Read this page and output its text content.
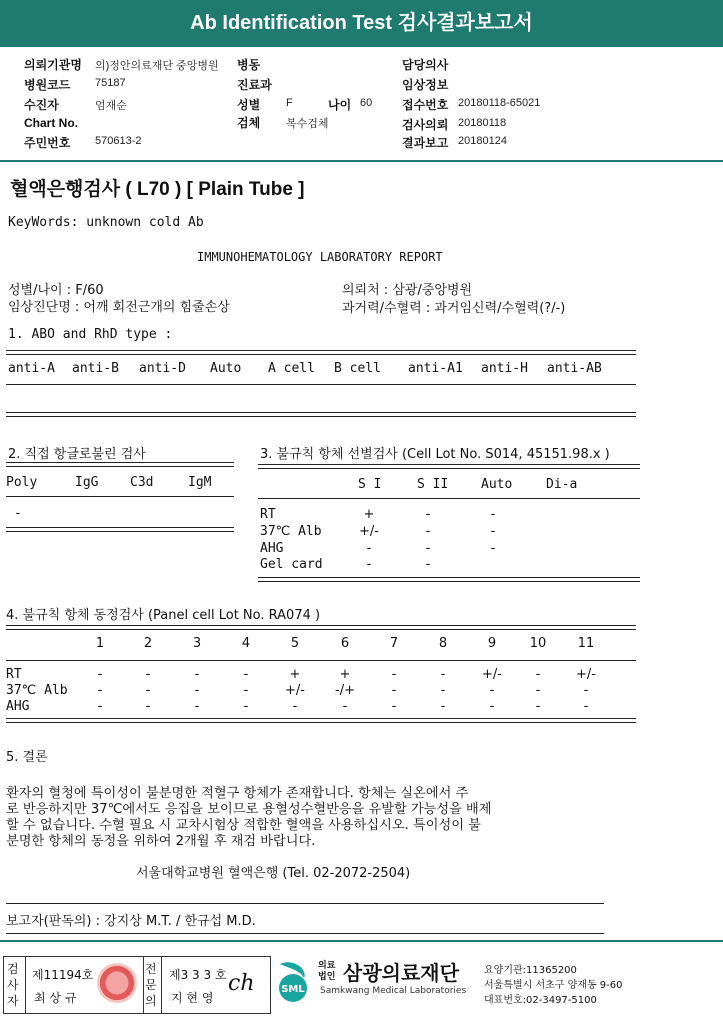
Ab Identification Test 검사결과보고서
의뢰기관명 의)정안의료재단 중앙병원 병동	담당의사
병원코드 75187	진료과	임상정보
수진자	엄재순	성별 F	나이 60 접수번호 20180118-65021
Chart No.	검체 복수검체	검사의뢰 20180118
주민번호 570613-2	결과보고 20180124
혈액은행검사 ( L70 ) [ Plain Tube ]
KeyWords: unknown cold Ab
IMMUNOHEMATOLOGY LABORATORY REPORT
성별/나이 : F/60
임상진단명 : 어깨 회전근개의 힘줄손상
의뢰처 : 삼광/중앙병원
과거력/수혈력 : 과거임신력/수혈력(?/-)
1. ABO and RhD type :
anti-A anti-B anti-D Auto A cell B cell anti-A1 anti-H anti-AB
2. 직접 항글로불린 검사
Poly	IgG C3d	IgM
-
3. 불규칙 항체 선별검사 (Cell Lot No. S014, 45151.98.x )
S I	S II	Auto	Di-a
RT	+	-	-
37℃ Alb	+/-	-	-
AHG	-	-	-
Gel card	-	-
4. 불규칙 항체 동정검사 (Panel cell Lot No. RA074 )
1	2	3	4	5	6	7	8	9	10	11
RT	-	-	-	-	+	+	-	-	+/-	-	+/-
37℃ Alb	-	-	-	-	+/-	-/+	-	-	-	-	-
AHG	-	-	-	-	-	-	-	-	-	-	-
5. 결론
환자의 혈청에 특이성이 불분명한 적혈구 항체가 존재합니다. 항체는 실온에서 주
로 반응하지만 37℃에서도 응집을 보이므로 용혈성수혈반응을 유발할 가능성을 배제
할 수 없습니다. 수혈 필요 시 교차시험상 적합한 혈액을 사용하십시오. 특이성이 불
분명한 항체의 동정을 위하여 2개월 후 재검 바랍니다.
서울대학교병원 혈액은행 (Tel. 02-2072-2504)
보고자(판독의) : 강지상 M.T. / 한규섭 M.D.
검사자
제11194호
최 상 규
전문의
제3 3 3 호
지 현 영
ch	SML
의료법인 삼광의료재단
Samkwang Medical Laboratories
요양기관:11365200
서울특별시 서초구 양재동 9-60
대표번호:02-3497-5100
